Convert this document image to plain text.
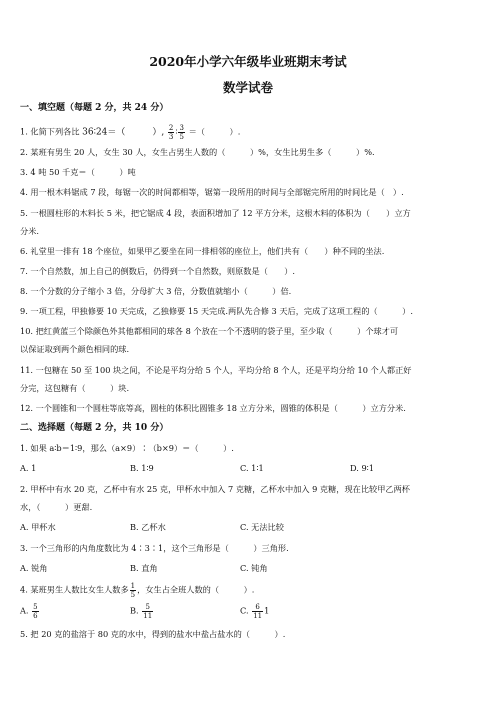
2020年小学六年级毕业班期末考试
数学试卷
一、填空题（每题 2 分，共 24 分）
1. 化简下列各比 36∶24＝（　　　）, $\frac{2}{3}$ ∶ $\frac{3}{5}$ ＝（　　　）.
2. 某班有男生 20 人，女生 30 人，女生占男生人数的（　　　）%，女生比男生多（　　　）%.
3. 4 吨 50 千克＝（　　　）吨
4. 用一根木料锯成 7 段，每锯一次的时间都相等，锯第一段所用的时间与全部锯完所用的时间比是（　）.
5. 一根圆柱形的木料长 5 米，把它锯成 4 段，表面积增加了 12 平方分米，这根木料的体积为（　　）立方
分米.
6. 礼堂里一排有 18 个座位，如果甲乙要坐在同一排相邻的座位上，他们共有（　　）种不同的坐法.
7. 一个自然数，加上自己的倒数后，仍得到一个自然数，则原数是（　　）.
8. 一个分数的分子缩小 3 倍，分母扩大 3 倍，分数值就缩小（　　　）倍.
9. 一项工程，甲独修要 10 天完成，乙独修要 15 天完成.两队先合修 3 天后，完成了这项工程的（　　　）.
10. 把红黄蓝三个除颜色外其他都相同的球各 8 个放在一个不透明的袋子里，至少取（　　　）个球才可
以保证取到两个颜色相同的球.
11. 一包糖在 50 至 100 块之间，不论是平均分给 5 个人，平均分给 8 个人，还是平均分给 10 个人都正好
分完，这包糖有（　　　）块.
12. 一个圆锥和一个圆柱等底等高，圆柱的体积比圆锥多 18 立方分米，圆锥的体积是（　　　）立方分米.
二、选择题（每题 2 分，共 10 分）
1. 如果 a∶b＝1∶9，那么（a×9）∶（b×9）＝（　　　）.
A. 1	B. 1∶9	C. 1∶1	D. 9∶1
2. 甲杯中有水 20 克，乙杯中有水 25 克，甲杯水中加入 7 克糖，乙杯水中加入 9 克糖，现在比较甲乙两杯
水，（　　　）更甜.
A. 甲杯水	B. 乙杯水	C. 无法比较
3. 一个三角形的内角度数比为 4∶3∶1，这个三角形是（　　　）三角形.
A. 锐角	B. 直角	C. 钝角
4. 某班男生人数比女生人数多 $\frac{1}{5}$ ，女生占全班人数的（　　　）.
A. $\frac{5}{6}$	B. $\frac{5}{11}$	C. $\frac{6}{11} 1$
5. 把 20 克的盐溶于 80 克的水中，得到的盐水中盐占盐水的（　　　）.
